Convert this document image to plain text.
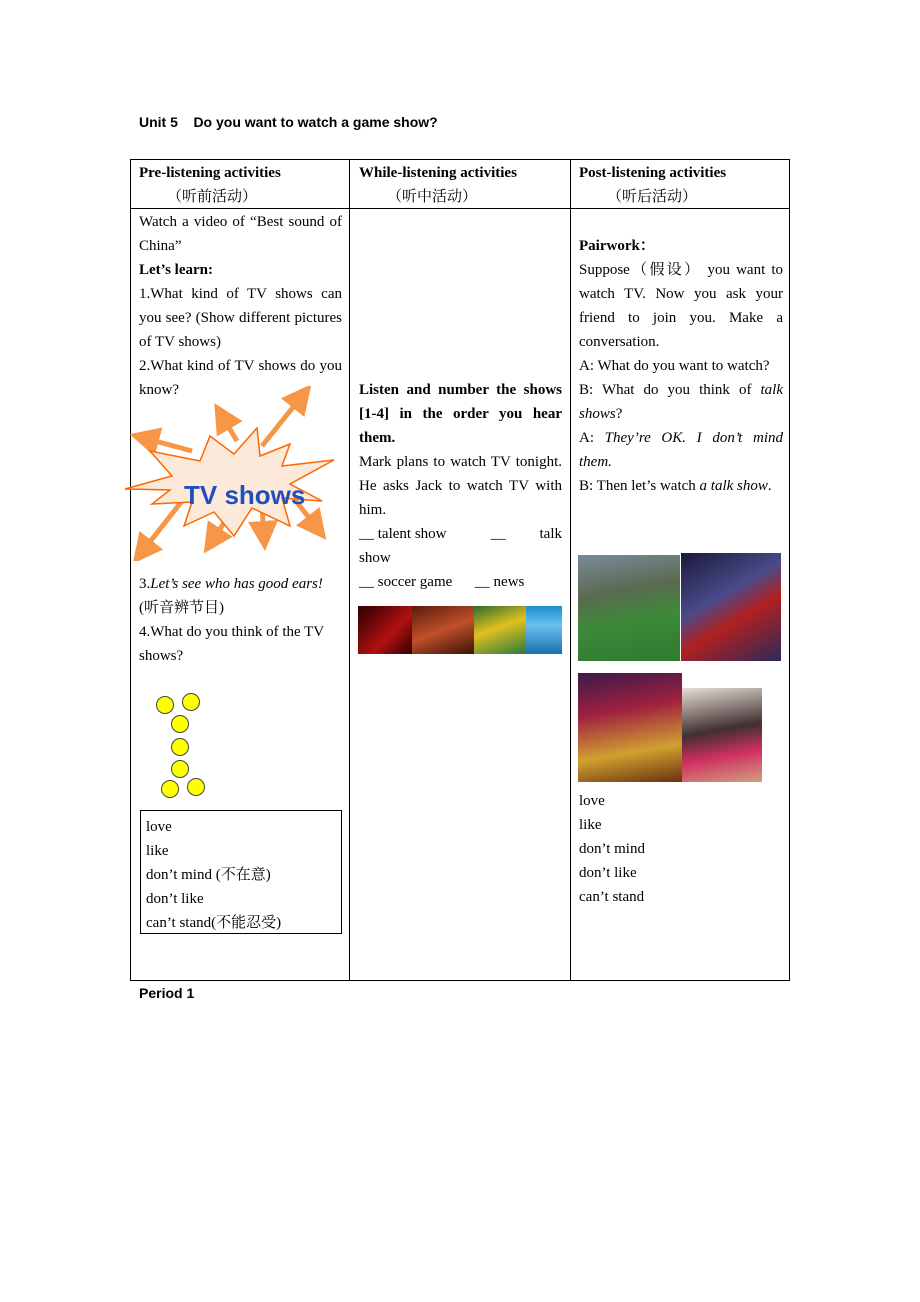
Unit 5    Do you want to watch a game show?
Pre-listening activities
（听前活动）
While-listening activities
（听中活动）
Post-listening activities
（听后活动）
Watch a video of “Best sound of China”
Let’s learn:
1.What kind of TV shows can you see? (Show different pictures of TV shows)
2.What kind of TV shows do you know?
TV shows
3.Let’s see who has good ears!
(听音辨节目)
4.What do you think of the TV shows?
love
like
don’t mind (不在意)
don’t like
can’t stand(不能忍受)
Listen and number the shows [1-4] in the order you hear them.
Mark plans to watch TV tonight. He asks Jack to watch TV with him.
__ talent show	__         talk
show
__ soccer game __ news
Pairwork：
Suppose（假设） you want to watch TV. Now you ask your friend to join you. Make a conversation.
A: What do you want to watch?
B: What do you think of talk shows?
A: They’re OK. I don’t mind them.
B: Then let’s watch a talk show.
love
like
don’t mind
don’t like
can’t stand
Period 1
